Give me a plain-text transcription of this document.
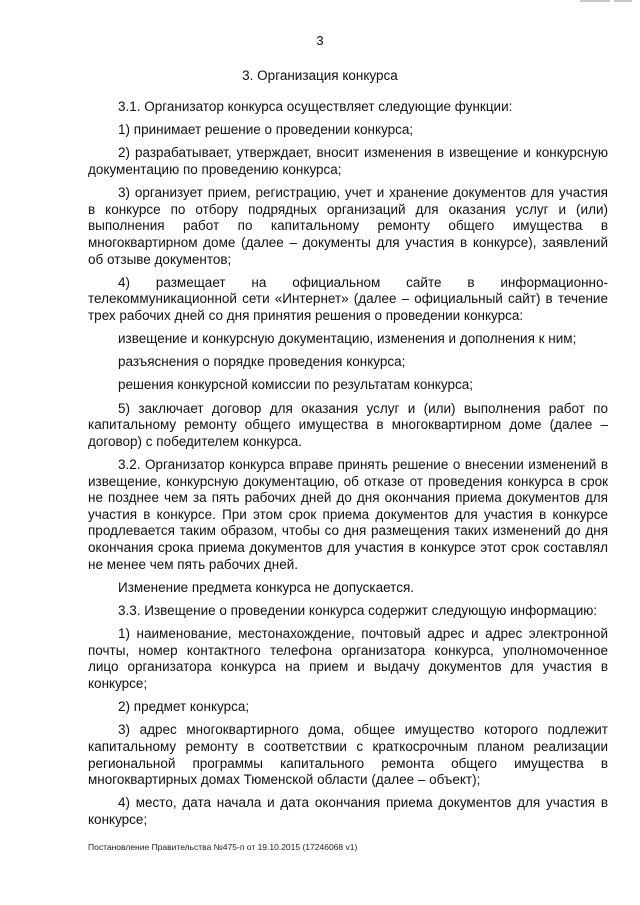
3
3. Организация конкурса

3.1. Организатор конкурса осуществляет следующие функции:

1) принимает решение о проведении конкурса;

2) разрабатывает, утверждает, вносит изменения в извещение и конкурсную документацию по проведению конкурса;

3) организует прием, регистрацию, учет и хранение документов для участия в конкурсе по отбору подрядных организаций для оказания услуг и (или) выполнения работ по капитальному ремонту общего имущества в многоквартирном доме (далее – документы для участия в конкурсе), заявлений об отзыве документов;

4) размещает на официальном сайте в информационно-телекоммуникационной сети «Интернет» (далее – официальный сайт) в течение трех рабочих дней со дня принятия решения о проведении конкурса:

извещение и конкурсную документацию, изменения и дополнения к ним;

разъяснения о порядке проведения конкурса;

решения конкурсной комиссии по результатам конкурса;

5) заключает договор для оказания услуг и (или) выполнения работ по капитальному ремонту общего имущества в многоквартирном доме (далее – договор) с победителем конкурса.

3.2. Организатор конкурса вправе принять решение о внесении изменений в извещение, конкурсную документацию, об отказе от проведения конкурса в срок не позднее чем за пять рабочих дней до дня окончания приема документов для участия в конкурсе. При этом срок приема документов для участия в конкурсе продлевается таким образом, чтобы со дня размещения таких изменений до дня окончания срока приема документов для участия в конкурсе этот срок составлял не менее чем пять рабочих дней.

Изменение предмета конкурса не допускается.

3.3. Извещение о проведении конкурса содержит следующую информацию:

1) наименование, местонахождение, почтовый адрес и адрес электронной почты, номер контактного телефона организатора конкурса, уполномоченное лицо организатора конкурса на прием и выдачу документов для участия в конкурсе;

2) предмет конкурса;

3) адрес многоквартирного дома, общее имущество которого подлежит капитальному ремонту в соответствии с краткосрочным планом реализации региональной программы капитального ремонта общего имущества в многоквартирных домах Тюменской области (далее – объект);

4) место, дата начала и дата окончания приема документов для участия в конкурсе;

Постановление Правительства №475-п от 19.10.2015 (17246068 v1)
